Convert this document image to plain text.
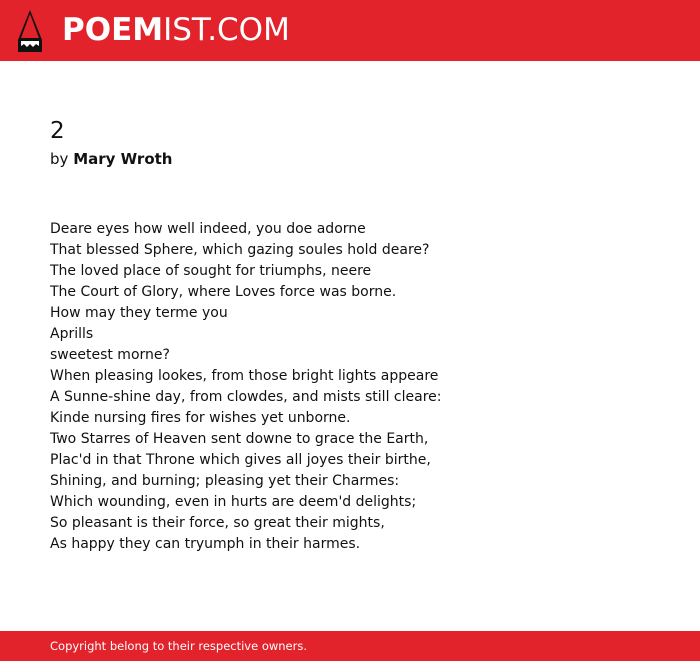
POEMIST.COM
2
by Mary Wroth
Deare eyes how well indeed, you doe adorne
That blessed Sphere, which gazing soules hold deare?
The loved place of sought for triumphs, neere
The Court of Glory, where Loves force was borne.
How may they terme you
Aprills
sweetest morne?
When pleasing lookes, from those bright lights appeare
A Sunne-shine day, from clowdes, and mists still cleare:
Kinde nursing fires for wishes yet unborne.
Two Starres of Heaven sent downe to grace the Earth,
Plac'd in that Throne which gives all joyes their birthe,
Shining, and burning; pleasing yet their Charmes:
Which wounding, even in hurts are deem'd delights;
So pleasant is their force, so great their mights,
As happy they can tryumph in their harmes.
Copyright belong to their respective owners.
